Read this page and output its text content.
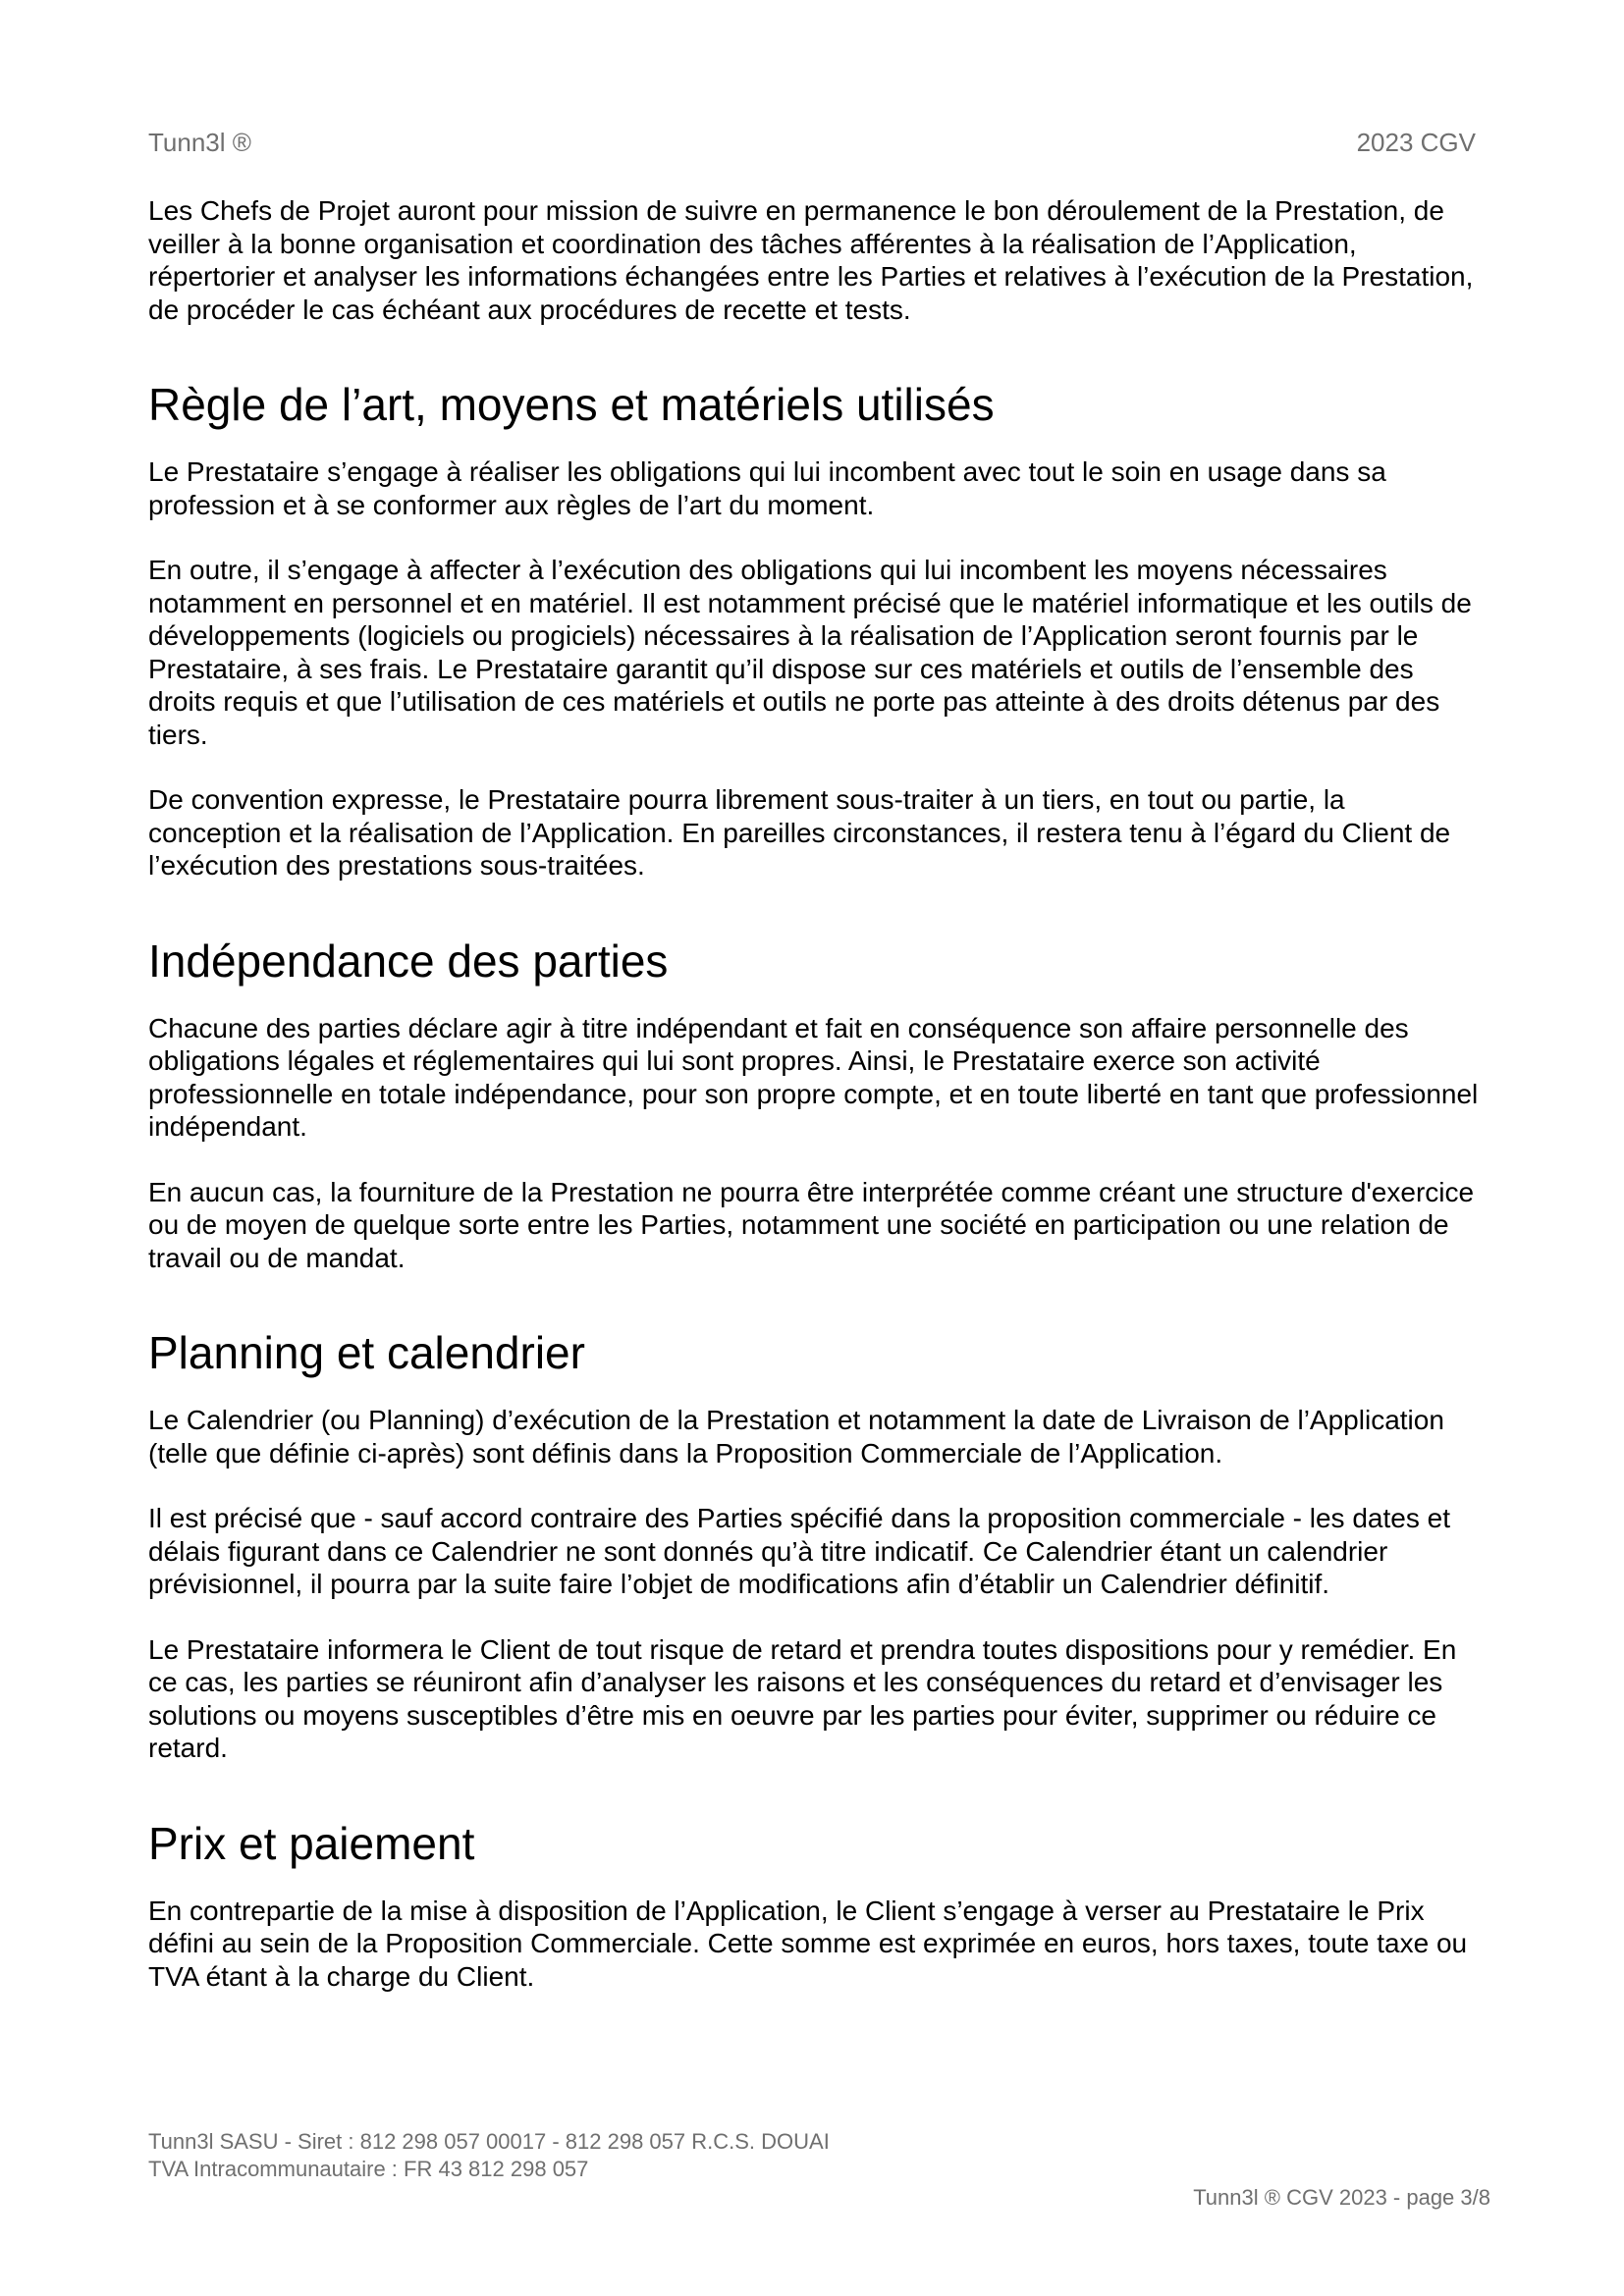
Tunn3l ®	2023 CGV

Les Chefs de Projet auront pour mission de suivre en permanence le bon déroulement de la Prestation, de veiller à la bonne organisation et coordination des tâches afférentes à la réalisation de l’Application, répertorier et analyser les informations échangées entre les Parties et relatives à l’exécution de la Prestation, de procéder le cas échéant aux procédures de recette et tests.

Règle de l’art, moyens et matériels utilisés

Le Prestataire s’engage à réaliser les obligations qui lui incombent avec tout le soin en usage dans sa profession et à se conformer aux règles de l’art du moment.

En outre, il s’engage à affecter à l’exécution des obligations qui lui incombent les moyens nécessaires notamment en personnel et en matériel. Il est notamment précisé que le matériel informatique et les outils de développements (logiciels ou progiciels) nécessaires à la réalisation de l’Application seront fournis par le Prestataire, à ses frais. Le Prestataire garantit qu’il dispose sur ces matériels et outils de l’ensemble des droits requis et que l’utilisation de ces matériels et outils ne porte pas atteinte à des droits détenus par des tiers.

De convention expresse, le Prestataire pourra librement sous-traiter à un tiers, en tout ou partie, la conception et la réalisation de l’Application. En pareilles circonstances, il restera tenu à l’égard du Client de l’exécution des prestations sous-traitées.

Indépendance des parties

Chacune des parties déclare agir à titre indépendant et fait en conséquence son affaire personnelle des obligations légales et réglementaires qui lui sont propres. Ainsi, le Prestataire exerce son activité professionnelle en totale indépendance, pour son propre compte, et en toute liberté en tant que professionnel indépendant.

En aucun cas, la fourniture de la Prestation ne pourra être interprétée comme créant une structure d'exercice ou de moyen de quelque sorte entre les Parties, notamment une société en participation ou une relation de travail ou de mandat.

Planning et calendrier

Le Calendrier (ou Planning) d’exécution de la Prestation et notamment la date de Livraison de l’Application (telle que définie ci-après) sont définis dans la Proposition Commerciale de l’Application.

Il est précisé que - sauf accord contraire des Parties spécifié dans la proposition commerciale - les dates et délais figurant dans ce Calendrier ne sont donnés qu’à titre indicatif. Ce Calendrier étant un calendrier prévisionnel, il pourra par la suite faire l’objet de modifications afin d’établir un Calendrier définitif.

Le Prestataire informera le Client de tout risque de retard et prendra toutes dispositions pour y remédier. En ce cas, les parties se réuniront afin d’analyser les raisons et les conséquences du retard et d’envisager les solutions ou moyens susceptibles d’être mis en oeuvre par les parties pour éviter, supprimer ou réduire ce retard.

Prix et paiement

En contrepartie de la mise à disposition de l’Application, le Client s’engage à verser au Prestataire le Prix défini au sein de la Proposition Commerciale. Cette somme est exprimée en euros, hors taxes, toute taxe ou TVA étant à la charge du Client.

Tunn3l SASU - Siret : 812 298 057 00017 - 812 298 057 R.C.S. DOUAI
TVA Intracommunautaire : FR 43 812 298 057
Tunn3l ® CGV 2023 - page 3/8
